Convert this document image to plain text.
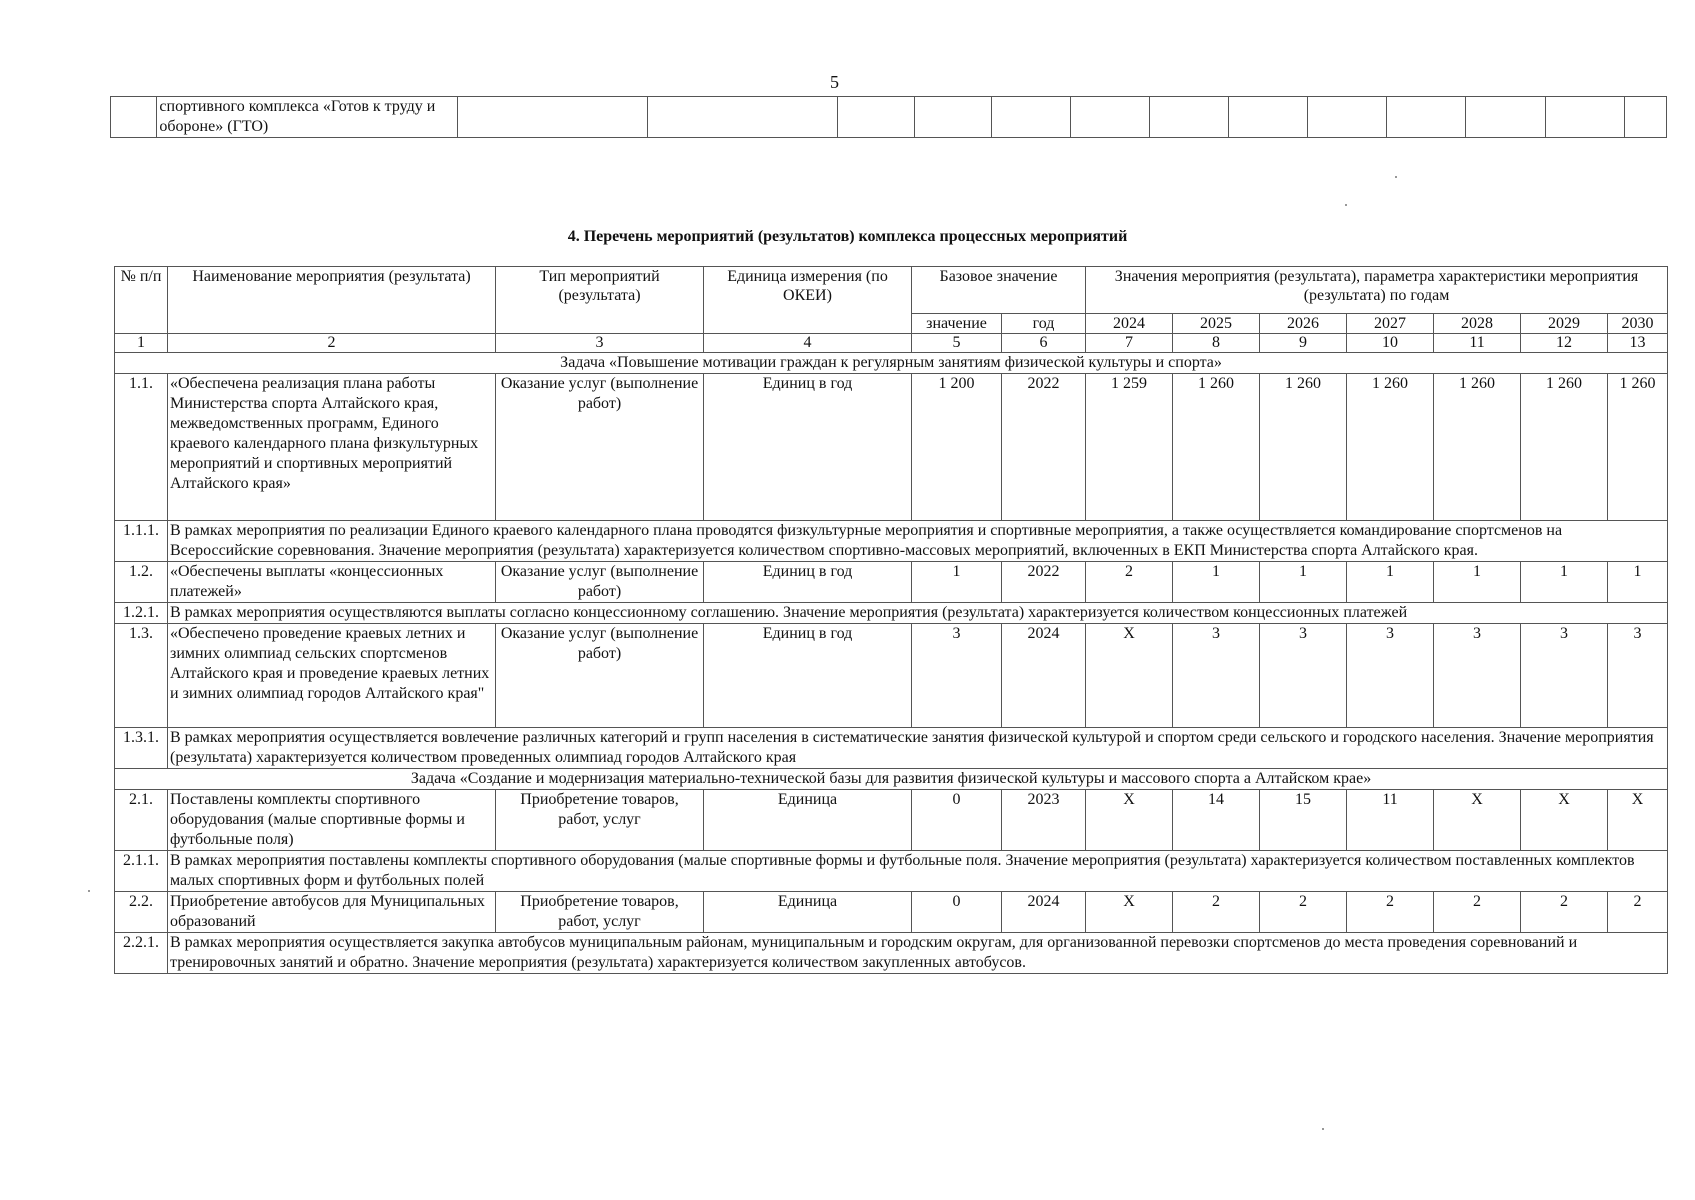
5
	спортивного комплекса «Готов к труду и обороне» (ГТО)													
4. Перечень мероприятий (результатов) комплекса процессных мероприятий
№ п/п	Наименование мероприятия (результата)	Тип мероприятий (результата)	Единица измерения (по ОКЕИ)	Базовое значение		Значения мероприятия (результата), параметра характеристики мероприятия (результата) по годам						
				значение	год	2024	2025	2026	2027	2028	2029	2030
1	2	3	4	5	6	7	8	9	10	11	12	13
Задача «Повышение мотивации граждан к регулярным занятиям физической культуры и спорта»												
1.1.	«Обеспечена реализация плана работы Министерства спорта Алтайского края, межведомственных программ, Единого краевого календарного плана физкультурных мероприятий и спортивных мероприятий Алтайского края»	Оказание услуг (выполнение работ)	Единиц в год	1 200	2022	1 259	1 260	1 260	1 260	1 260	1 260	1 260
1.1.1.	В рамках мероприятия по реализации Единого краевого календарного плана проводятся физкультурные мероприятия и спортивные мероприятия, а также осуществляется командирование спортсменов на Всероссийские соревнования. Значение мероприятия (результата) характеризуется количеством спортивно-массовых мероприятий, включенных в ЕКП Министерства спорта Алтайского края.											
1.2.	«Обеспечены выплаты «концессионных платежей»	Оказание услуг (выполнение работ)	Единиц в год	1	2022	2	1	1	1	1	1	1
1.2.1.	В рамках мероприятия осуществляются выплаты согласно концессионному соглашению. Значение мероприятия (результата) характеризуется количеством концессионных платежей											
1.3.	«Обеспечено проведение краевых летних и зимних олимпиад сельских спортсменов Алтайского края и проведение краевых летних и зимних олимпиад городов Алтайского края"	Оказание услуг (выполнение работ)	Единиц в год	3	2024	X	3	3	3	3	3	3
1.3.1.	В рамках мероприятия осуществляется вовлечение различных категорий и групп населения в систематические занятия физической культурой и спортом среди сельского и городского населения. Значение мероприятия (результата) характеризуется количеством проведенных олимпиад городов Алтайского края											
Задача «Создание и модернизация материально-технической базы для развития физической культуры и массового спорта а Алтайском крае»												
2.1.	Поставлены комплекты спортивного оборудования (малые спортивные формы и футбольные поля)	Приобретение товаров, работ, услуг	Единица	0	2023	X	14	15	11	X	X	X
2.1.1.	В рамках мероприятия поставлены комплекты спортивного оборудования (малые спортивные формы и футбольные поля. Значение мероприятия (результата) характеризуется количеством поставленных комплектов малых спортивных форм и футбольных полей											
2.2.	Приобретение автобусов для Муниципальных образований	Приобретение товаров, работ, услуг	Единица	0	2024	X	2	2	2	2	2	2
2.2.1.	В рамках мероприятия осуществляется закупка автобусов муниципальным районам, муниципальным и городским округам, для организованной перевозки спортсменов до места проведения соревнований и тренировочных занятий и обратно. Значение мероприятия (результата) характеризуется количеством закупленных автобусов.											
